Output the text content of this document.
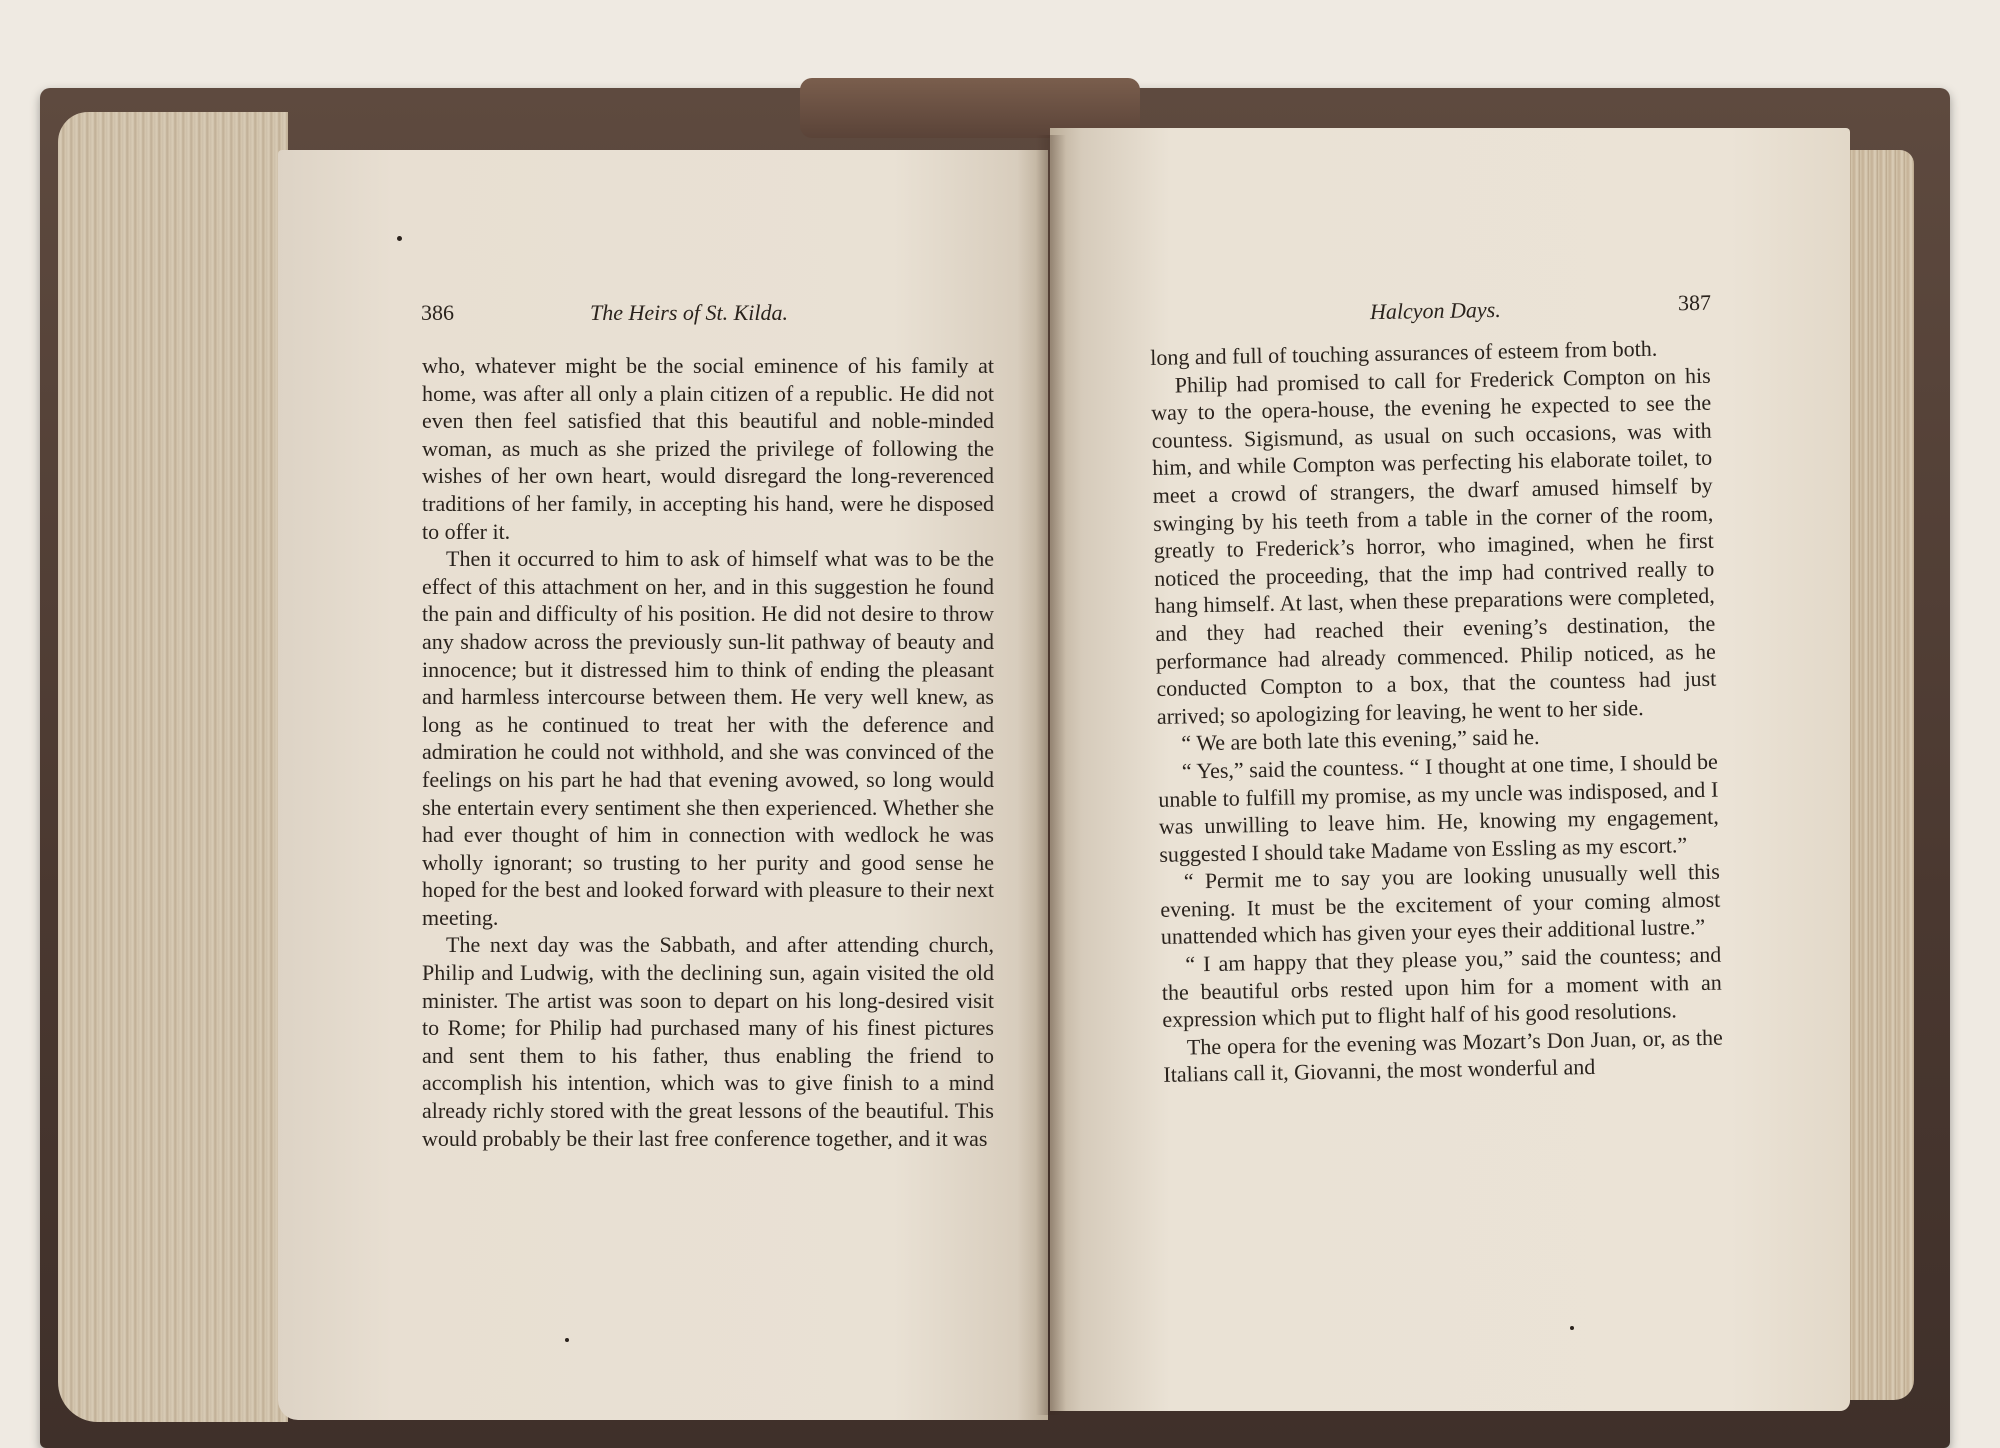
386	The Heirs of St. Kilda.	Halcyon Days.	387

who, whatever might be the social eminence of his family at home, was after all only a plain citizen of a republic. He did not even then feel satisfied that this beautiful and noble-minded woman, as much as she prized the privilege of following the wishes of her own heart, would disregard the long-reverenced traditions of her family, in accepting his hand, were he disposed to offer it.

Then it occurred to him to ask of himself what was to be the effect of this attachment on her, and in this suggestion he found the pain and difficulty of his position. He did not desire to throw any shadow across the previously sun-lit pathway of beauty and innocence; but it distressed him to think of ending the pleasant and harmless intercourse between them. He very well knew, as long as he continued to treat her with the deference and admiration he could not withhold, and she was convinced of the feelings on his part he had that evening avowed, so long would she entertain every sentiment she then experienced. Whether she had ever thought of him in connection with wedlock he was wholly ignorant; so trusting to her purity and good sense he hoped for the best and looked forward with pleasure to their next meeting.

The next day was the Sabbath, and after attending church, Philip and Ludwig, with the declining sun, again visited the old minister. The artist was soon to depart on his long-desired visit to Rome; for Philip had purchased many of his finest pictures and sent them to his father, thus enabling the friend to accomplish his intention, which was to give finish to a mind already richly stored with the great lessons of the beautiful. This would probably be their last free conference together, and it was

long and full of touching assurances of esteem from both.

Philip had promised to call for Frederick Compton on his way to the opera-house, the evening he expected to see the countess. Sigismund, as usual on such occasions, was with him, and while Compton was perfecting his elaborate toilet, to meet a crowd of strangers, the dwarf amused himself by swinging by his teeth from a table in the corner of the room, greatly to Frederick’s horror, who imagined, when he first noticed the proceeding, that the imp had contrived really to hang himself. At last, when these preparations were completed, and they had reached their evening’s destination, the performance had already commenced. Philip noticed, as he conducted Compton to a box, that the countess had just arrived; so apologizing for leaving, he went to her side.

“ We are both late this evening,” said he.

“ Yes,” said the countess. “ I thought at one time, I should be unable to fulfill my promise, as my uncle was indisposed, and I was unwilling to leave him. He, knowing my engagement, suggested I should take Madame von Essling as my escort.”

“ Permit me to say you are looking unusually well this evening. It must be the excitement of your coming almost unattended which has given your eyes their additional lustre.”

“ I am happy that they please you,” said the countess; and the beautiful orbs rested upon him for a moment with an expression which put to flight half of his good resolutions.

The opera for the evening was Mozart’s Don Juan, or, as the Italians call it, Giovanni, the most wonderful and
